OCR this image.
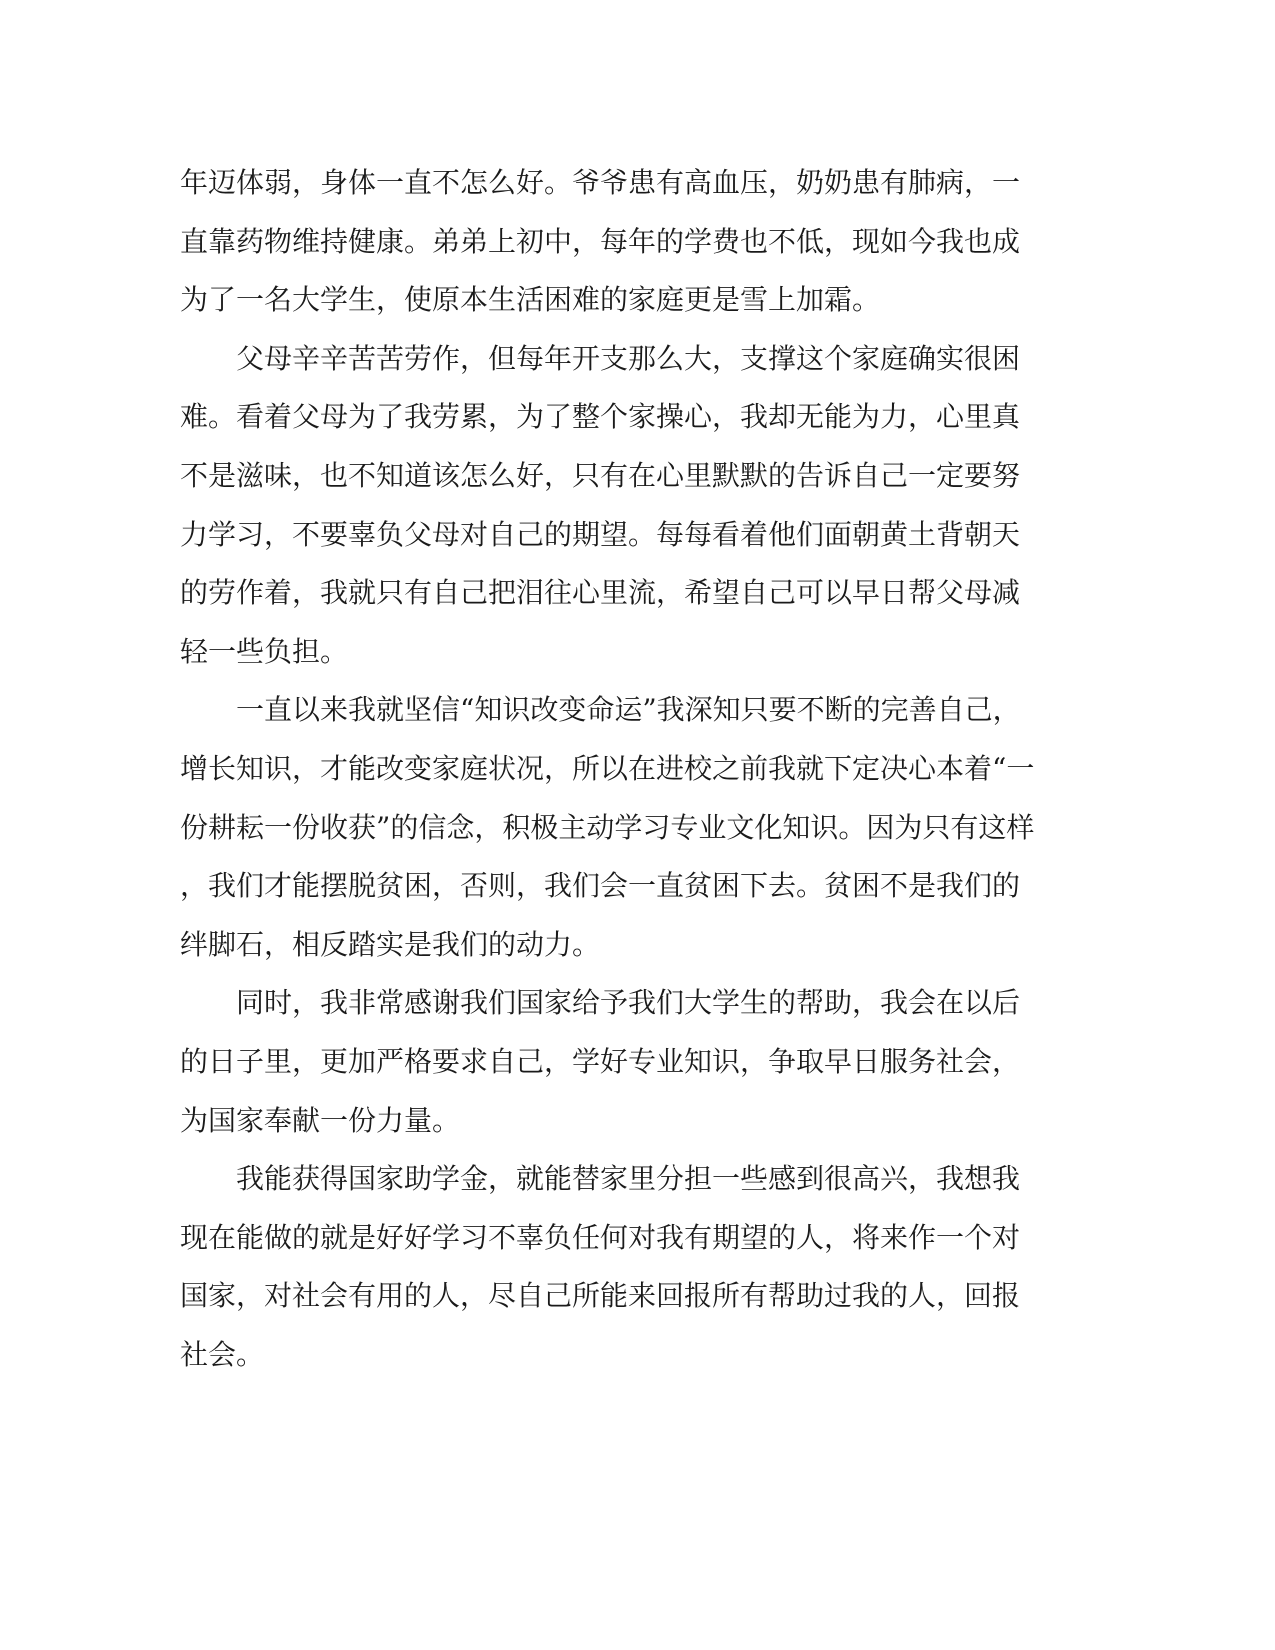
年迈体弱，身体一直不怎么好。爷爷患有高血压，奶奶患有肺病，一
直靠药物维持健康。弟弟上初中，每年的学费也不低，现如今我也成
为了一名大学生，使原本生活困难的家庭更是雪上加霜。
　　父母辛辛苦苦劳作，但每年开支那么大，支撑这个家庭确实很困
难。看着父母为了我劳累，为了整个家操心，我却无能为力，心里真
不是滋味，也不知道该怎么好，只有在心里默默的告诉自己一定要努
力学习，不要辜负父母对自己的期望。每每看着他们面朝黄土背朝天
的劳作着，我就只有自己把泪往心里流，希望自己可以早日帮父母减
轻一些负担。
　　一直以来我就坚信“知识改变命运”我深知只要不断的完善自己，
增长知识，才能改变家庭状况，所以在进校之前我就下定决心本着“一
份耕耘一份收获”的信念，积极主动学习专业文化知识。因为只有这样
，我们才能摆脱贫困，否则，我们会一直贫困下去。贫困不是我们的
绊脚石，相反踏实是我们的动力。
　　同时，我非常感谢我们国家给予我们大学生的帮助，我会在以后
的日子里，更加严格要求自己，学好专业知识，争取早日服务社会，
为国家奉献一份力量。
　　我能获得国家助学金，就能替家里分担一些感到很高兴，我想我
现在能做的就是好好学习不辜负任何对我有期望的人，将来作一个对
国家，对社会有用的人，尽自己所能来回报所有帮助过我的人，回报
社会。
